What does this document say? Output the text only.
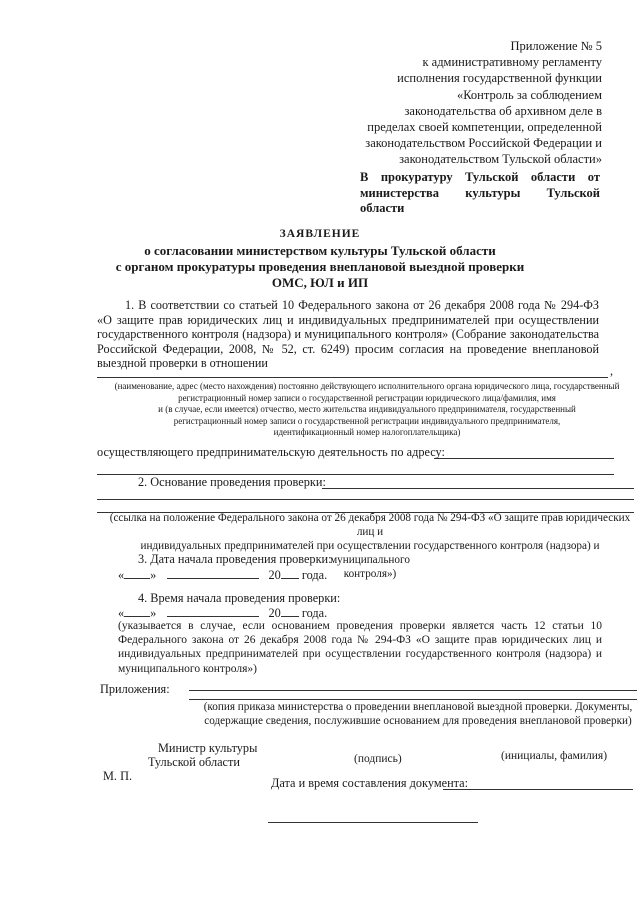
Приложение № 5
к административному регламенту
исполнения государственной функции
«Контроль за соблюдением
законодательства об архивном деле в
пределах своей компетенции, определенной
законодательством Российской Федерации и
законодательством Тульской области»
В прокуратуру Тульской области от министерства культуры Тульской области
ЗАЯВЛЕНИЕ
о согласовании министерством культуры Тульской области
с органом прокуратуры проведения внеплановой выездной проверки
ОМС, ЮЛ и ИП
1. В соответствии со статьей 10 Федерального закона от 26 декабря 2008 года № 294-ФЗ «О защите прав юридических лиц и индивидуальных предпринимателей при осуществлении государственного контроля (надзора) и муниципального контроля» (Собрание законодательства Российской Федерации, 2008, № 52, ст. 6249) просим согласия на проведение внеплановой выездной проверки в отношении
,
(наименование, адрес (место нахождения) постоянно действующего исполнительного органа юридического лица, государственный
регистрационный номер записи о государственной регистрации юридического лица/фамилия, имя
и (в случае, если имеется) отчество, место жительства индивидуального предпринимателя, государственный
регистрационный номер записи о государственной регистрации индивидуального предпринимателя,
идентификационный номер налогоплательщика)
осуществляющего предпринимательскую деятельность по адресу:
2. Основание проведения проверки:
(ссылка на положение Федерального закона от 26 декабря 2008 года № 294-ФЗ «О защите прав юридических лиц и
индивидуальных предпринимателей при осуществлении государственного контроля (надзора) и муниципального
контроля»)
3. Дата начала проведения проверки:
« »	20 года.
4. Время начала проведения проверки:
« »	20 года.
(указывается в случае, если основанием проведения проверки является часть 12 статьи 10 Федерального закона от 26 декабря 2008 года № 294-ФЗ «О защите прав юридических лиц и индивидуальных предпринимателей при осуществлении государственного контроля (надзора) и муниципального контроля»)
Приложения:
(копия приказа министерства о проведении внеплановой выездной проверки. Документы,
содержащие сведения, послужившие основанием для проведения внеплановой проверки)
Министр культуры
Тульской области	(подпись)	(инициалы, фамилия)
М. П.	Дата и время составления документа:
